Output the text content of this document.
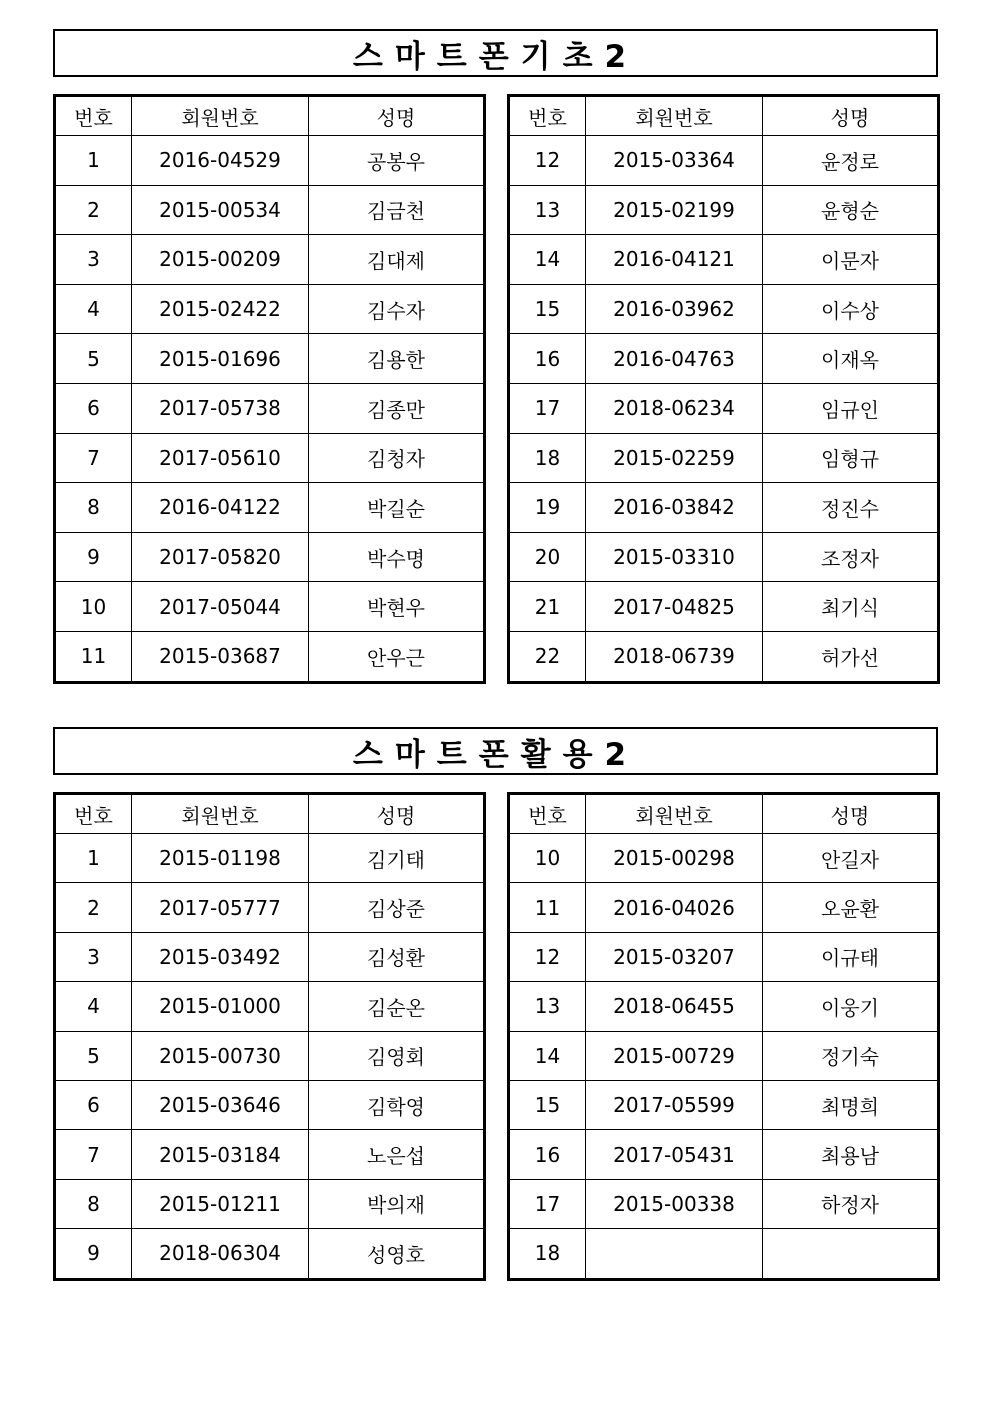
스마트폰기초2
번호	회원번호	성명
1	2016-04529	공봉우
2	2015-00534	김금천
3	2015-00209	김대제
4	2015-02422	김수자
5	2015-01696	김용한
6	2017-05738	김종만
7	2017-05610	김청자
8	2016-04122	박길순
9	2017-05820	박수명
10	2017-05044	박현우
11	2015-03687	안우근
번호	회원번호	성명
12	2015-03364	윤정로
13	2015-02199	윤형순
14	2016-04121	이문자
15	2016-03962	이수상
16	2016-04763	이재옥
17	2018-06234	임규인
18	2015-02259	임형규
19	2016-03842	정진수
20	2015-03310	조정자
21	2017-04825	최기식
22	2018-06739	허가선
스마트폰활용2
번호	회원번호	성명
1	2015-01198	김기태
2	2017-05777	김상준
3	2015-03492	김성환
4	2015-01000	김순온
5	2015-00730	김영회
6	2015-03646	김학영
7	2015-03184	노은섭
8	2015-01211	박의재
9	2018-06304	성영호
번호	회원번호	성명
10	2015-00298	안길자
11	2016-04026	오윤환
12	2015-03207	이규태
13	2018-06455	이웅기
14	2015-00729	정기숙
15	2017-05599	최명희
16	2017-05431	최용남
17	2015-00338	하정자
18		
